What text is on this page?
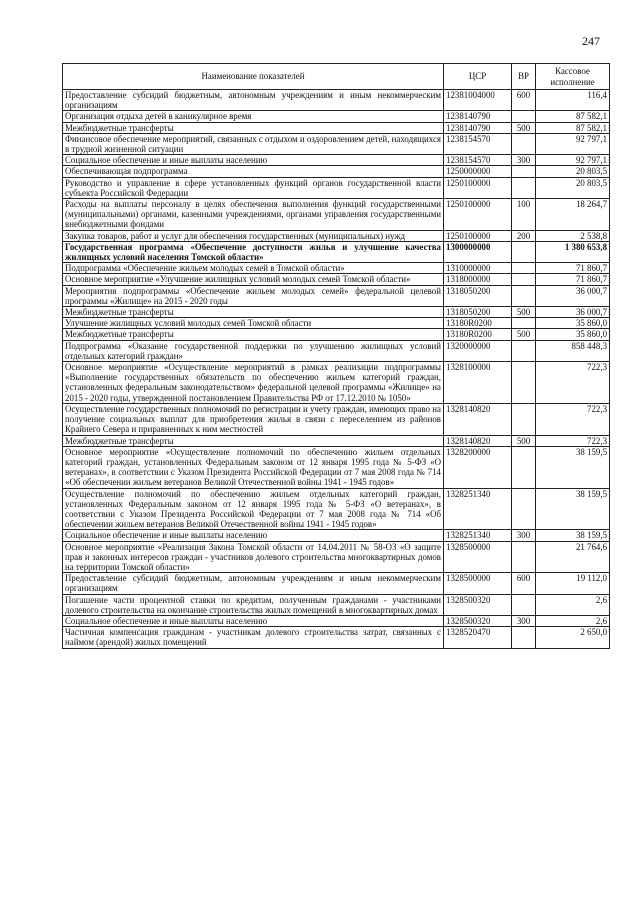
247
Наименование показателей	ЦСР	ВР	Кассовое исполнение
Предоставление субсидий бюджетным, автономным учреждениям и иным некоммерческим организациям	12381004000	600	116,4
Организация отдыха детей в каникулярное время	1238140790		87 582,1
Межбюджетные трансферты	1238140790	500	87 582,1
Финансовое обеспечение мероприятий, связанных с отдыхом и оздоровлением детей, находящихся в трудной жизненной ситуации	1238154570		92 797,1
Социальное обеспечение и иные выплаты населению	1238154570	300	92 797,1
Обеспечивающая подпрограмма	1250000000		20 803,5
Руководство и управление в сфере установленных функций органов государственной власти субъекта Российской Федерации	1250100000		20 803,5
Расходы на выплаты персоналу в целях обеспечения выполнения функций государственными (муниципальными) органами, казенными учреждениями, органами управления государственными внебюджетными фондами	1250100000	100	18 264,7
Закупка товаров, работ и услуг для обеспечения государственных (муниципальных) нужд	1250100000	200	2 538,8
Государственная программа «Обеспечение доступности жилья и улучшение качества жилищных условий населения Томской области»	1300000000		1 380 653,8
Подпрограмма «Обеспечение жильем молодых семей в Томской области»	1310000000		71 860,7
Основное мероприятие «Улучшение жилищных условий молодых семей Томской области»	1318000000		71 860,7
Мероприятия подпрограммы «Обеспечение жильем молодых семей» федеральной целевой программы «Жилище» на 2015 - 2020 годы	1318050200		36 000,7
Межбюджетные трансферты	1318050200	500	36 000,7
Улучшение жилищных условий молодых семей Томской области	13180R0200		35 860,0
Межбюджетные трансферты	13180R0200	500	35 860,0
Подпрограмма «Оказание государственной поддержки по улучшению жилищных условий отдельных категорий граждан»	1320000000		858 448,3
Основное мероприятие «Осуществление мероприятий в рамках реализации подпрограммы «Выполнение государственных обязательств по обеспечению жильем категорий граждан, установленных федеральным законодательством» федеральной целевой программы «Жилище» на 2015 - 2020 годы, утвержденной постановлением Правительства РФ от 17.12.2010 № 1050»	1328100000		722,3
Осуществление государственных полномочий по регистрации и учету граждан, имеющих право на получение социальных выплат для приобретения жилья в связи с переселением из районов Крайнего Севера и приравненных к ним местностей	1328140820		722,3
Межбюджетные трансферты	1328140820	500	722,3
Основное мероприятие «Осуществление полномочий по обеспечению жильем отдельных категорий граждан, установленных Федеральным законом от 12 января 1995 года № 5-ФЗ «О ветеранах», в соответствии с Указом Президента Российской Федерации от 7 мая 2008 года № 714 «Об обеспечении жильем ветеранов Великой Отечественной войны 1941 - 1945 годов»	1328200000		38 159,5
Осуществление полномочий по обеспечению жильем отдельных категорий граждан, установленных Федеральным законом от 12 января 1995 года № 5-ФЗ «О ветеранах», в соответствии с Указом Президента Российской Федерации от 7 мая 2008 года № 714 «Об обеспечении жильем ветеранов Великой Отечественной войны 1941 - 1945 годов»	1328251340		38 159,5
Социальное обеспечение и иные выплаты населению	1328251340	300	38 159,5
Основное мероприятие «Реализация Закона Томской области от 14.04.2011 № 58-ОЗ «О защите прав и законных интересов граждан - участников долевого строительства многоквартирных домов на территории Томской области»	1328500000		21 764,6
Предоставление субсидий бюджетным, автономным учреждениям и иным некоммерческим организациям	1328500000	600	19 112,0
Погашение части процентной ставки по кредитам, полученным гражданами - участниками долевого строительства на окончание строительства жилых помещений в многоквартирных домах	1328500320		2,6
Социальное обеспечение и иные выплаты населению	1328500320	300	2,6
Частичная компенсация гражданам - участникам долевого строительства затрат, связанных с наймом (арендой) жилых помещений	1328520470		2 650,0
